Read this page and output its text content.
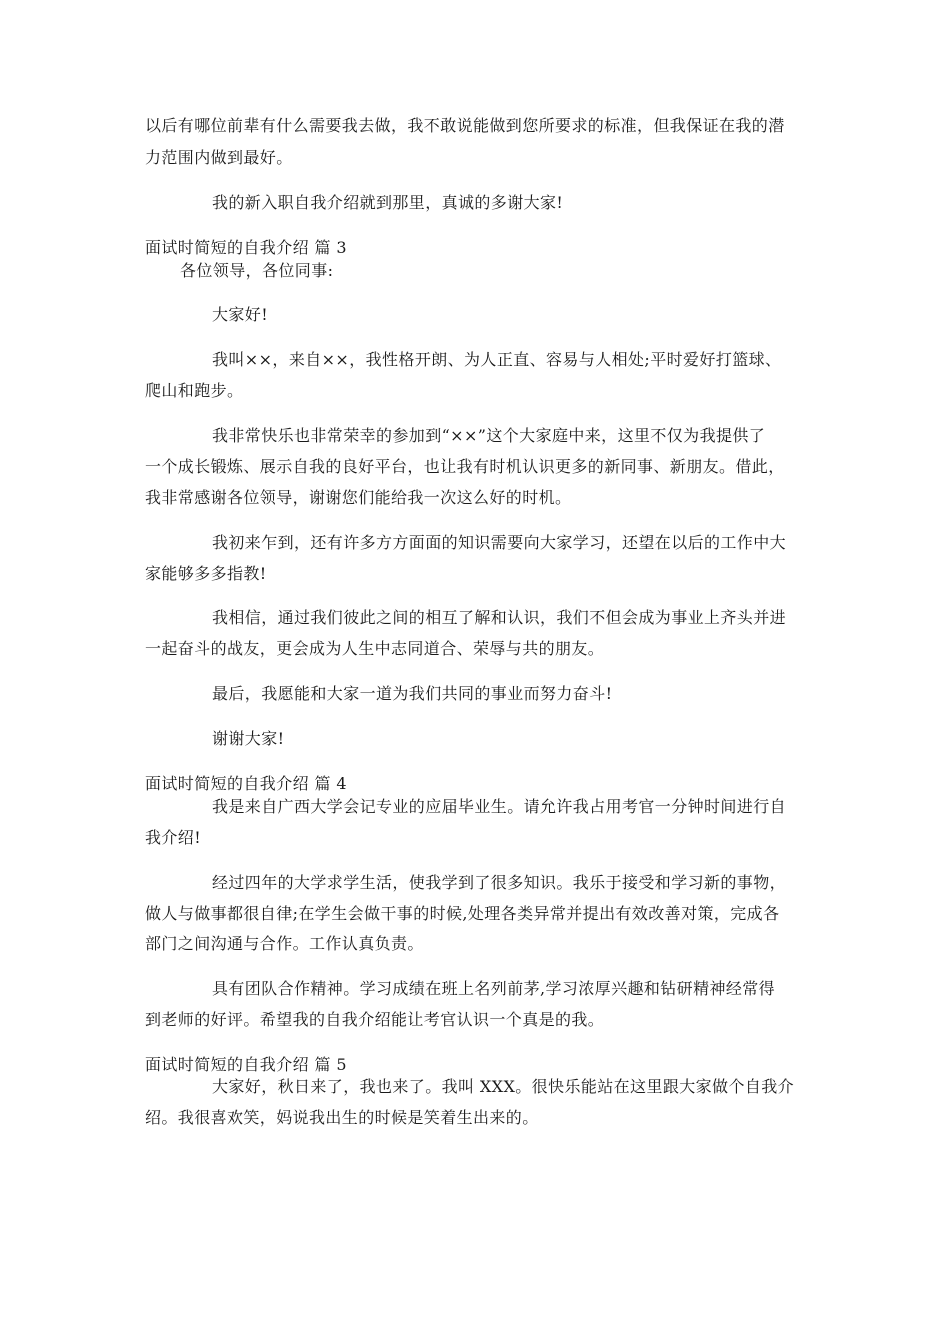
以后有哪位前辈有什么需要我去做，我不敢说能做到您所要求的标准，但我保证在我的潜
力范围内做到最好。
我的新入职自我介绍就到那里，真诚的多谢大家!
面试时简短的自我介绍 篇 3
各位领导，各位同事:
大家好!
我叫××，来自××，我性格开朗、为人正直、容易与人相处;平时爱好打篮球、
爬山和跑步。
我非常快乐也非常荣幸的参加到“××”这个大家庭中来，这里不仅为我提供了
一个成长锻炼、展示自我的良好平台，也让我有时机认识更多的新同事、新朋友。借此，
我非常感谢各位领导，谢谢您们能给我一次这么好的时机。
我初来乍到，还有许多方方面面的知识需要向大家学习，还望在以后的工作中大
家能够多多指教!
我相信，通过我们彼此之间的相互了解和认识，我们不但会成为事业上齐头并进
一起奋斗的战友，更会成为人生中志同道合、荣辱与共的朋友。
最后，我愿能和大家一道为我们共同的事业而努力奋斗!
谢谢大家!
面试时简短的自我介绍 篇 4
我是来自广西大学会记专业的应届毕业生。请允许我占用考官一分钟时间进行自
我介绍!
经过四年的大学求学生活，使我学到了很多知识。我乐于接受和学习新的事物，
做人与做事都很自律;在学生会做干事的时候,处理各类异常并提出有效改善对策，完成各
部门之间沟通与合作。工作认真负责。
具有团队合作精神。学习成绩在班上名列前茅,学习浓厚兴趣和钻研精神经常得
到老师的好评。希望我的自我介绍能让考官认识一个真是的我。
面试时简短的自我介绍 篇 5
大家好，秋日来了，我也来了。我叫 XXX。很快乐能站在这里跟大家做个自我介
绍。我很喜欢笑，妈说我出生的时候是笑着生出来的。
